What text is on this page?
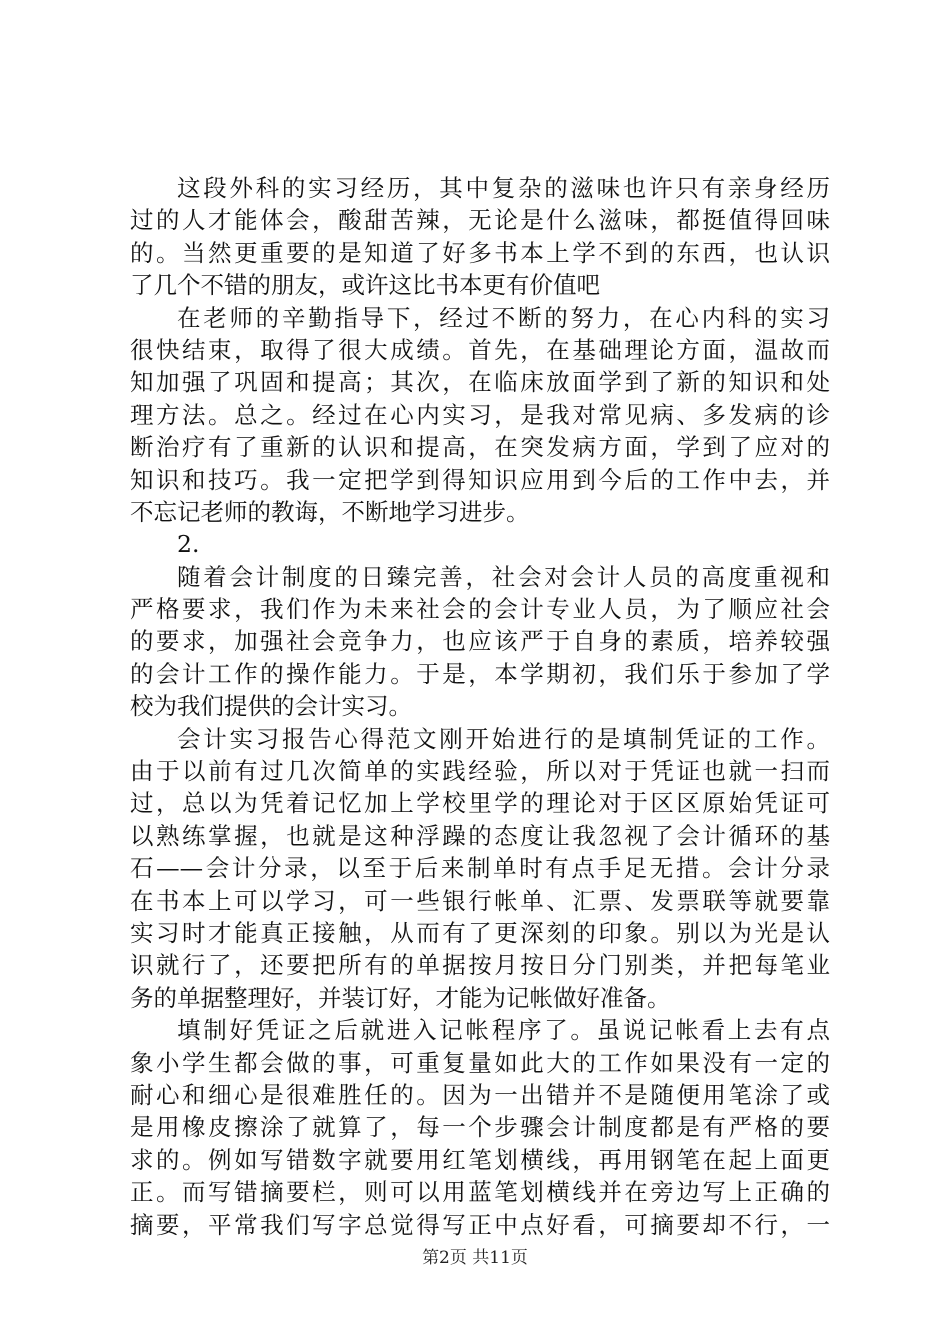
这段外科的实习经历，其中复杂的滋味也许只有亲身经历
过的人才能体会，酸甜苦辣，无论是什么滋味，都挺值得回味
的。当然更重要的是知道了好多书本上学不到的东西，也认识
了几个不错的朋友，或许这比书本更有价值吧
在老师的辛勤指导下，经过不断的努力，在心内科的实习
很快结束，取得了很大成绩。首先，在基础理论方面，温故而
知加强了巩固和提高；其次，在临床放面学到了新的知识和处
理方法。总之。经过在心内实习，是我对常见病、多发病的诊
断治疗有了重新的认识和提高，在突发病方面，学到了应对的
知识和技巧。我一定把学到得知识应用到今后的工作中去，并
不忘记老师的教诲，不断地学习进步。
2.
随着会计制度的日臻完善，社会对会计人员的高度重视和
严格要求，我们作为未来社会的会计专业人员，为了顺应社会
的要求，加强社会竞争力，也应该严于自身的素质，培养较强
的会计工作的操作能力。于是，本学期初，我们乐于参加了学
校为我们提供的会计实习。
会计实习报告心得范文刚开始进行的是填制凭证的工作。
由于以前有过几次简单的实践经验，所以对于凭证也就一扫而
过，总以为凭着记忆加上学校里学的理论对于区区原始凭证可
以熟练掌握，也就是这种浮躁的态度让我忽视了会计循环的基
石——会计分录，以至于后来制单时有点手足无措。会计分录
在书本上可以学习，可一些银行帐单、汇票、发票联等就要靠
实习时才能真正接触，从而有了更深刻的印象。别以为光是认
识就行了，还要把所有的单据按月按日分门别类，并把每笔业
务的单据整理好，并装订好，才能为记帐做好准备。
填制好凭证之后就进入记帐程序了。虽说记帐看上去有点
象小学生都会做的事，可重复量如此大的工作如果没有一定的
耐心和细心是很难胜任的。因为一出错并不是随便用笔涂了或
是用橡皮擦涂了就算了，每一个步骤会计制度都是有严格的要
求的。例如写错数字就要用红笔划横线，再用钢笔在起上面更
正。而写错摘要栏，则可以用蓝笔划横线并在旁边写上正确的
摘要，平常我们写字总觉得写正中点好看，可摘要却不行，一
第2页 共11页
